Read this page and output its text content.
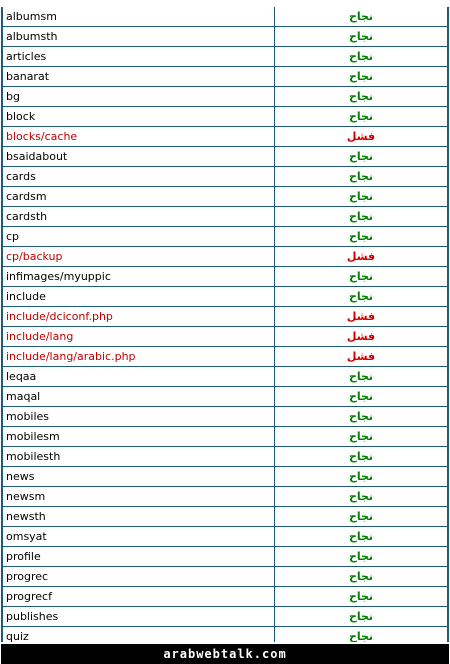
albumsm	نجاح
albumsth	نجاح
articles	نجاح
banarat	نجاح
bg	نجاح
block	نجاح
blocks/cache	فشل
bsaidabout	نجاح
cards	نجاح
cardsm	نجاح
cardsth	نجاح
cp	نجاح
cp/backup	فشل
infimages/myuppic	نجاح
include	نجاح
include/dciconf.php	فشل
include/lang	فشل
include/lang/arabic.php	فشل
leqaa	نجاح
maqal	نجاح
mobiles	نجاح
mobilesm	نجاح
mobilesth	نجاح
news	نجاح
newsm	نجاح
newsth	نجاح
omsyat	نجاح
profile	نجاح
progrec	نجاح
progrecf	نجاح
publishes	نجاح
quiz	نجاح
arabwebtalk.com
